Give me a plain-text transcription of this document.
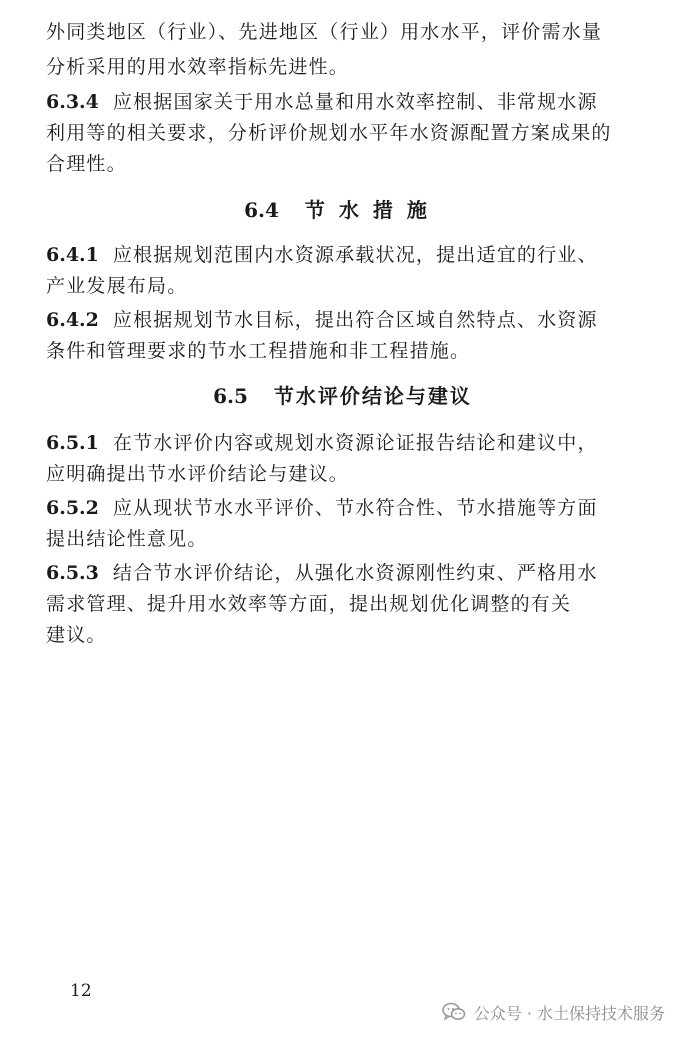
外同类地区（行业）、先进地区（行业）用水水平，评价需水量
分析采用的用水效率指标先进性。
6.3.4 应根据国家关于用水总量和用水效率控制、非常规水源
利用等的相关要求，分析评价规划水平年水资源配置方案成果的
合理性。
6.4 节水措施
6.4.1 应根据规划范围内水资源承载状况，提出适宜的行业、
产业发展布局。
6.4.2 应根据规划节水目标，提出符合区域自然特点、水资源
条件和管理要求的节水工程措施和非工程措施。
6.5 节水评价结论与建议
6.5.1 在节水评价内容或规划水资源论证报告结论和建议中，
应明确提出节水评价结论与建议。
6.5.2 应从现状节水水平评价、节水符合性、节水措施等方面
提出结论性意见。
6.5.3 结合节水评价结论，从强化水资源刚性约束、严格用水
需求管理、提升用水效率等方面，提出规划优化调整的有关
建议。
12
公众号 · 水土保持技术服务
